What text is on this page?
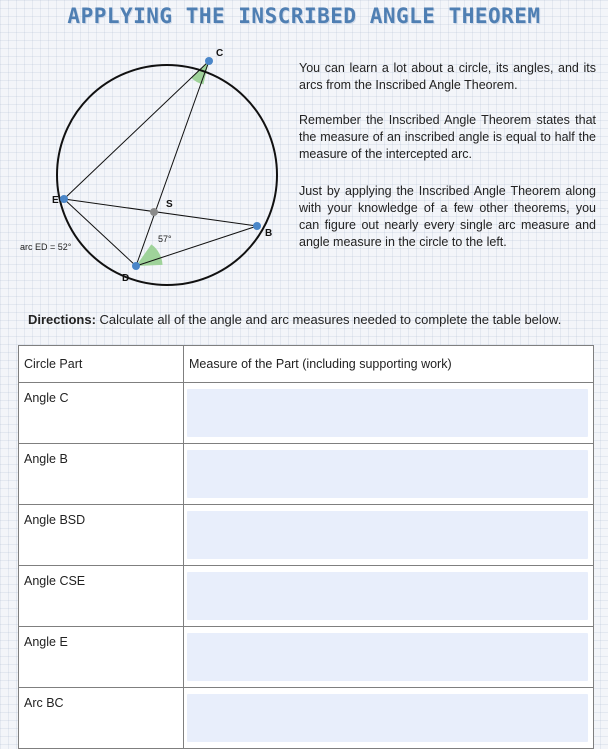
APPLYING THE INSCRIBED ANGLE THEOREM
C
E	S
B
D
57°
arc ED = 52°

You can learn a lot about a circle, its angles, and its arcs from the Inscribed Angle Theorem.

Remember the Inscribed Angle Theorem states that the measure of an inscribed angle is equal to half the measure of the intercepted arc.

Just by applying the Inscribed Angle Theorem along with your knowledge of a few other theorems, you can figure out nearly every single arc measure and angle measure in the circle to the left.

Directions: Calculate all of the angle and arc measures needed to complete the table below.
Circle Part	Measure of the Part (including supporting work)

Angle C	

Angle B	

Angle BSD	

Angle CSE	

Angle E	

Arc BC	
